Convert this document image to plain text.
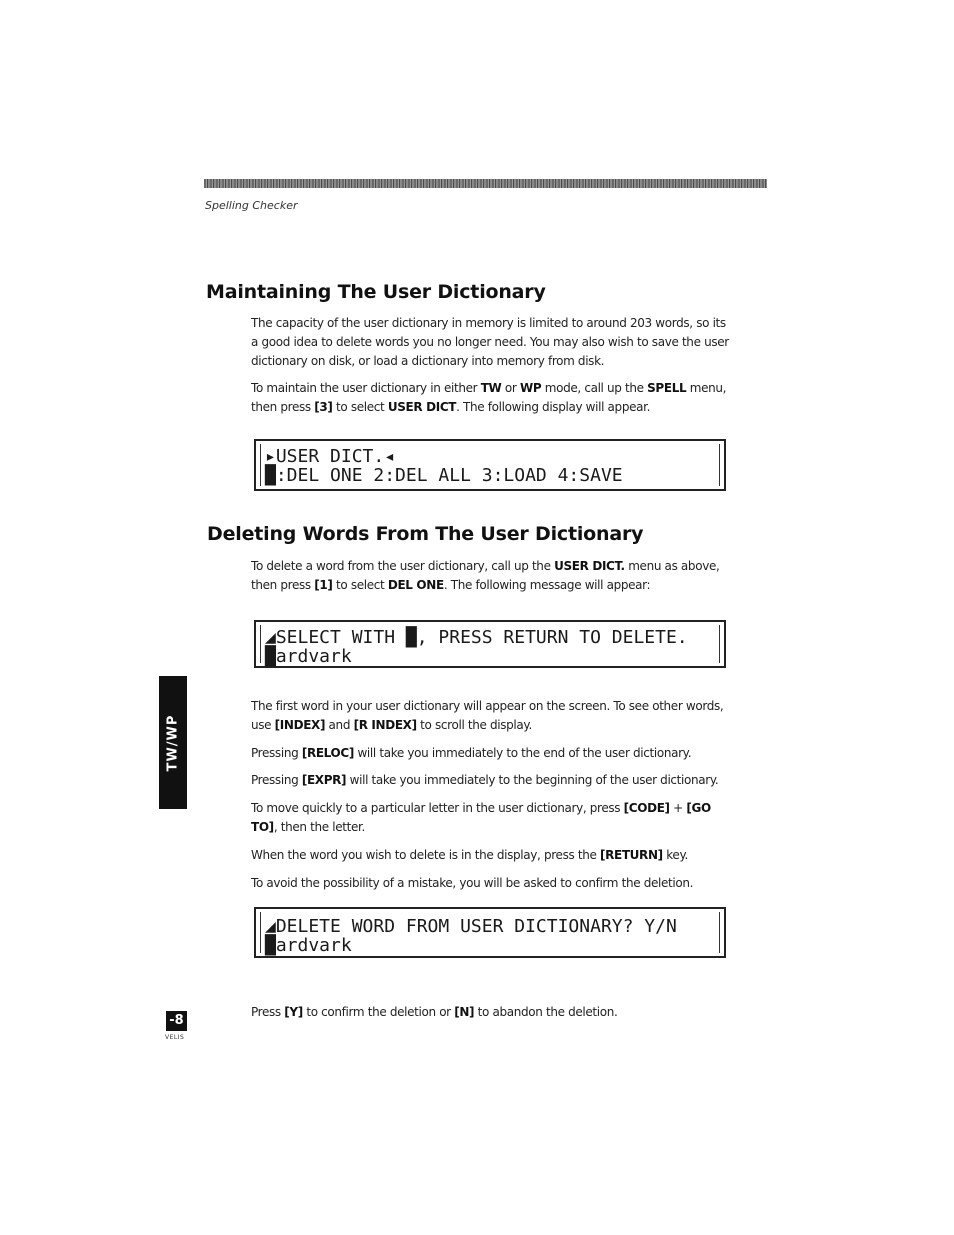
Spelling Checker
Maintaining The User Dictionary

The capacity of the user dictionary in memory is limited to around 203 words, so its a good idea to delete words you no longer need. You may also wish to save the user dictionary on disk, or load a dictionary into memory from disk.

To maintain the user dictionary in either TW or WP mode, call up the SPELL menu, then press [3] to select USER DICT. The following display will appear.

▸USER DICT.◂
█:DEL ONE 2:DEL ALL 3:LOAD 4:SAVE
Deleting Words From The User Dictionary

To delete a word from the user dictionary, call up the USER DICT. menu as above, then press [1] to select DEL ONE. The following message will appear:

◢SELECT WITH █, PRESS RETURN TO DELETE.
█ardvark

The first word in your user dictionary will appear on the screen. To see other words, use [INDEX] and [R INDEX] to scroll the display.

Pressing [RELOC] will take you immediately to the end of the user dictionary.

Pressing [EXPR] will take you immediately to the beginning of the user dictionary.

To move quickly to a particular letter in the user dictionary, press [CODE] + [GO TO], then the letter.

When the word you wish to delete is in the display, press the [RETURN] key.

To avoid the possibility of a mistake, you will be asked to confirm the deletion.

◢DELETE WORD FROM USER DICTIONARY? Y/N
█ardvark

Press [Y] to confirm the deletion or [N] to abandon the deletion.

TW/WP
-8
VELIS
